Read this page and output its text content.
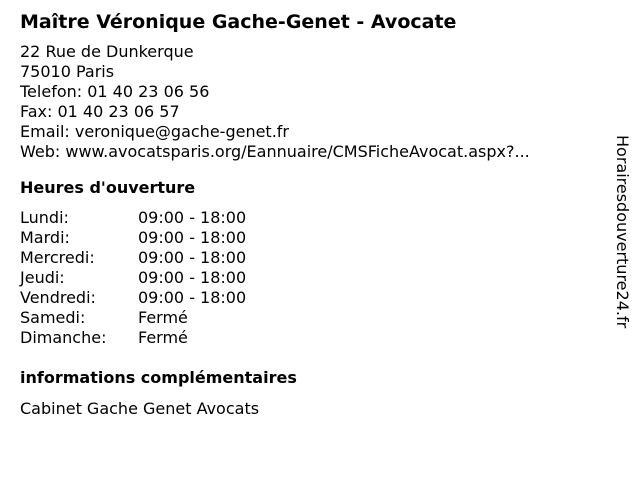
Maître Véronique Gache-Genet - Avocate
22 Rue de Dunkerque
75010 Paris
Telefon: 01 40 23 06 56
Fax: 01 40 23 06 57
Email: veronique@gache-genet.fr
Web: www.avocatsparis.org/Eannuaire/CMSFicheAvocat.aspx?...
Heures d'ouverture
Lundi:	09:00 - 18:00
Mardi:	09:00 - 18:00
Mercredi:	09:00 - 18:00
Jeudi:	09:00 - 18:00
Vendredi:	09:00 - 18:00
Samedi:	Fermé
Dimanche:	Fermé
informations complémentaires
Cabinet Gache Genet Avocats
Horairesdouverture24.fr
